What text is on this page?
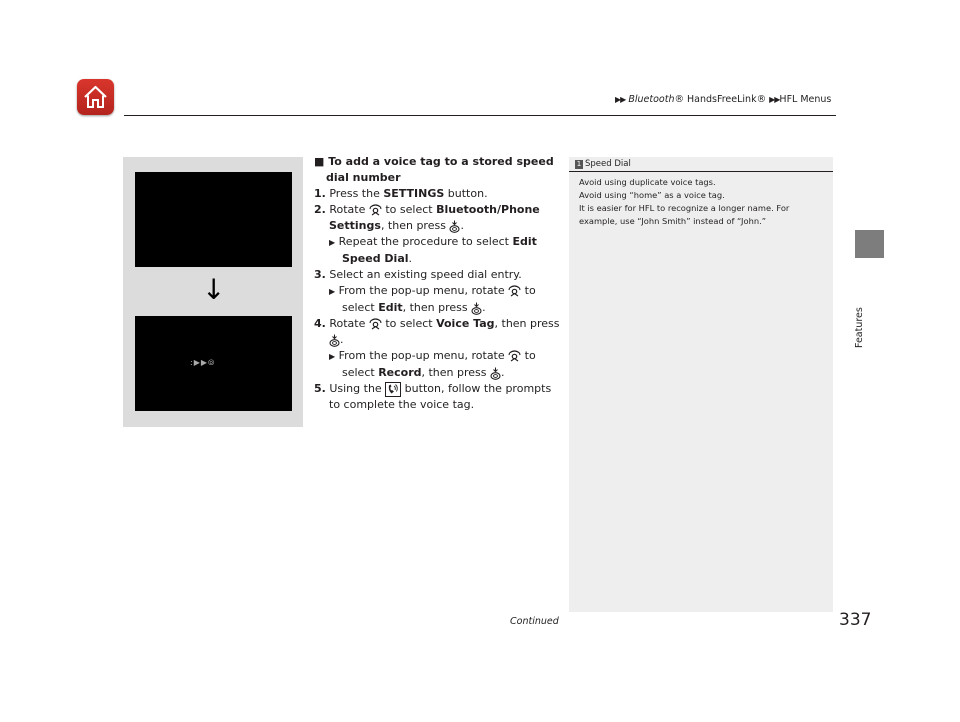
▶▶ Bluetooth® HandsFreeLink® ▶▶HFL Menus
Features
↓
:▶▶⦾
■ To add a voice tag to a stored speed dial number
1. Press the SETTINGS button.
2. Rotate  to select Bluetooth/Phone Settings, then press .
▶ Repeat the procedure to select Edit Speed Dial.
3. Select an existing speed dial entry.
▶ From the pop-up menu, rotate  to select Edit, then press .
4. Rotate  to select Voice Tag, then press .
▶ From the pop-up menu, rotate  to select Record, then press .
5. Using the  button, follow the prompts to complete the voice tag.
1 Speed Dial
Avoid using duplicate voice tags.
Avoid using “home” as a voice tag.
It is easier for HFL to recognize a longer name. For example, use “John Smith” instead of “John.”
Continued	337
